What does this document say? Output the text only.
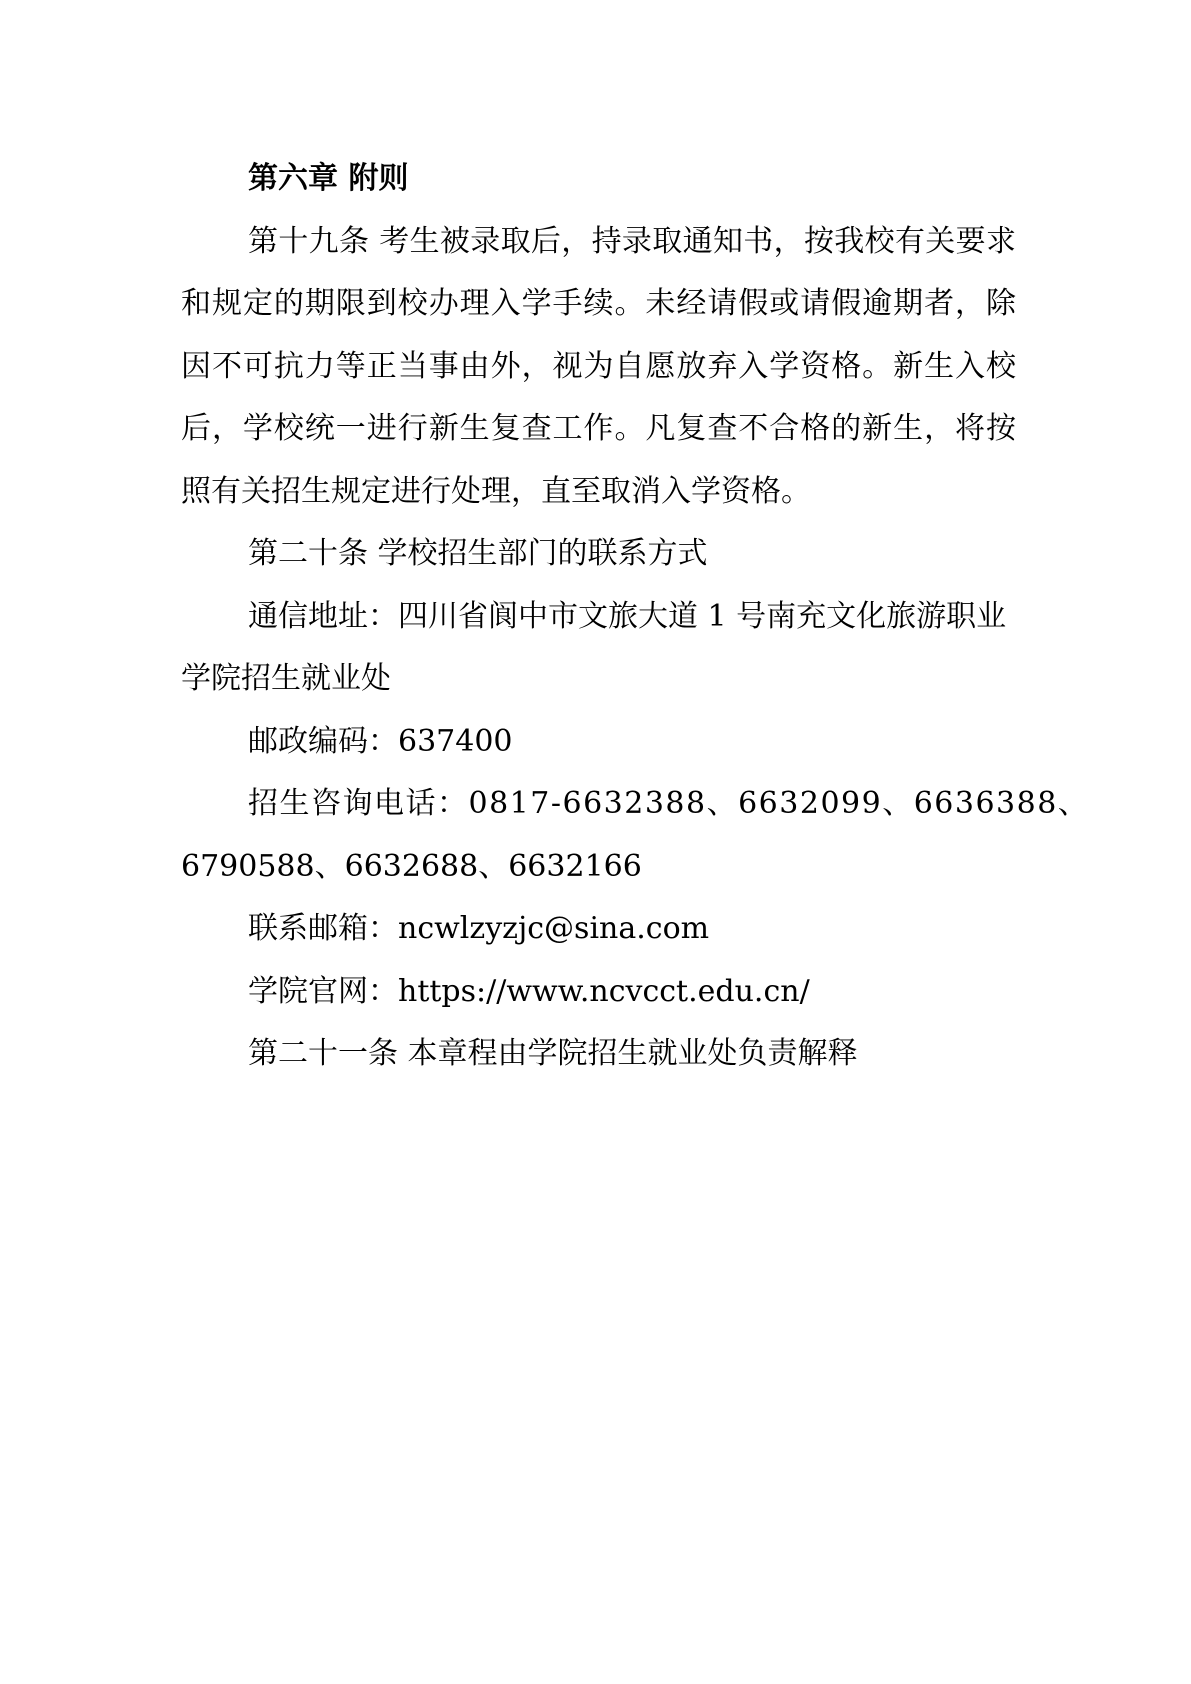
第六章 附则

第十九条 考生被录取后，持录取通知书，按我校有关要求和规定的期限到校办理入学手续。未经请假或请假逾期者，除因不可抗力等正当事由外，视为自愿放弃入学资格。新生入校后，学校统一进行新生复查工作。凡复查不合格的新生，将按照有关招生规定进行处理，直至取消入学资格。

第二十条 学校招生部门的联系方式

通信地址：四川省阆中市文旅大道 1 号南充文化旅游职业学院招生就业处

邮政编码：637400

招生咨询电话：0817-6632388、6632099、6636388、

6790588、6632688、6632166

联系邮箱：ncwlzyzjc@sina.com

学院官网：https://www.ncvcct.edu.cn/

第二十一条 本章程由学院招生就业处负责解释
